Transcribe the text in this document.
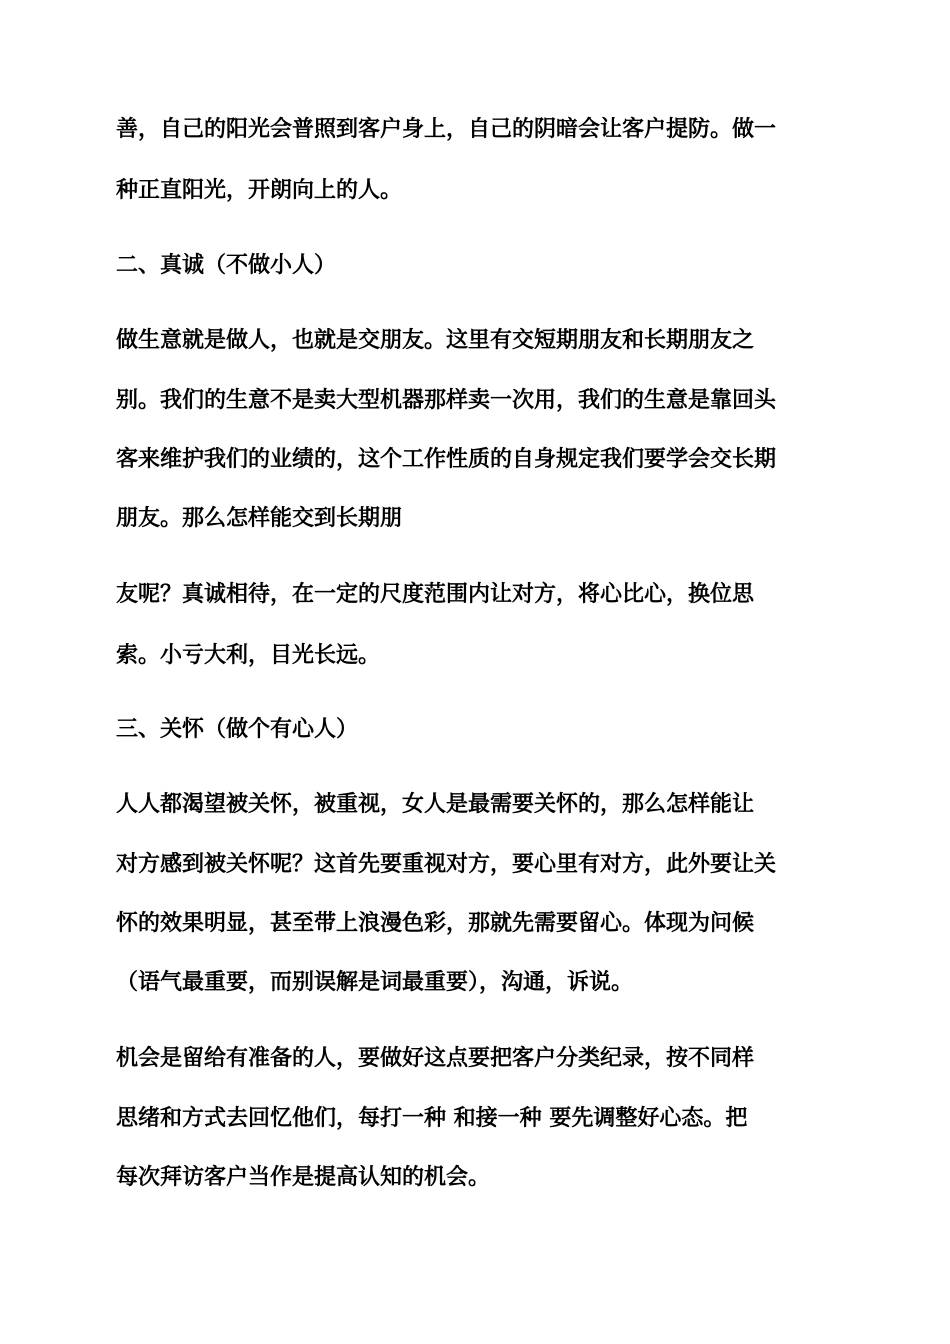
善，自己的阳光会普照到客户身上，自己的阴暗会让客户提防。做一

种正直阳光，开朗向上的人。

二、真诚（不做小人）

做生意就是做人，也就是交朋友。这里有交短期朋友和长期朋友之

别。我们的生意不是卖大型机器那样卖一次用，我们的生意是靠回头

客来维护我们的业绩的，这个工作性质的自身规定我们要学会交长期

朋友。那么怎样能交到长期朋

友呢？真诚相待，在一定的尺度范围内让对方，将心比心，换位思

索。小亏大利，目光长远。

三、关怀（做个有心人）

人人都渴望被关怀，被重视，女人是最需要关怀的，那么怎样能让

对方感到被关怀呢？这首先要重视对方，要心里有对方，此外要让关

怀的效果明显，甚至带上浪漫色彩，那就先需要留心。体现为问候

（语气最重要，而别误解是词最重要），沟通，诉说。

机会是留给有准备的人，要做好这点要把客户分类纪录，按不同样

思绪和方式去回忆他们，每打一种 和接一种 要先调整好心态。把

每次拜访客户当作是提高认知的机会。
